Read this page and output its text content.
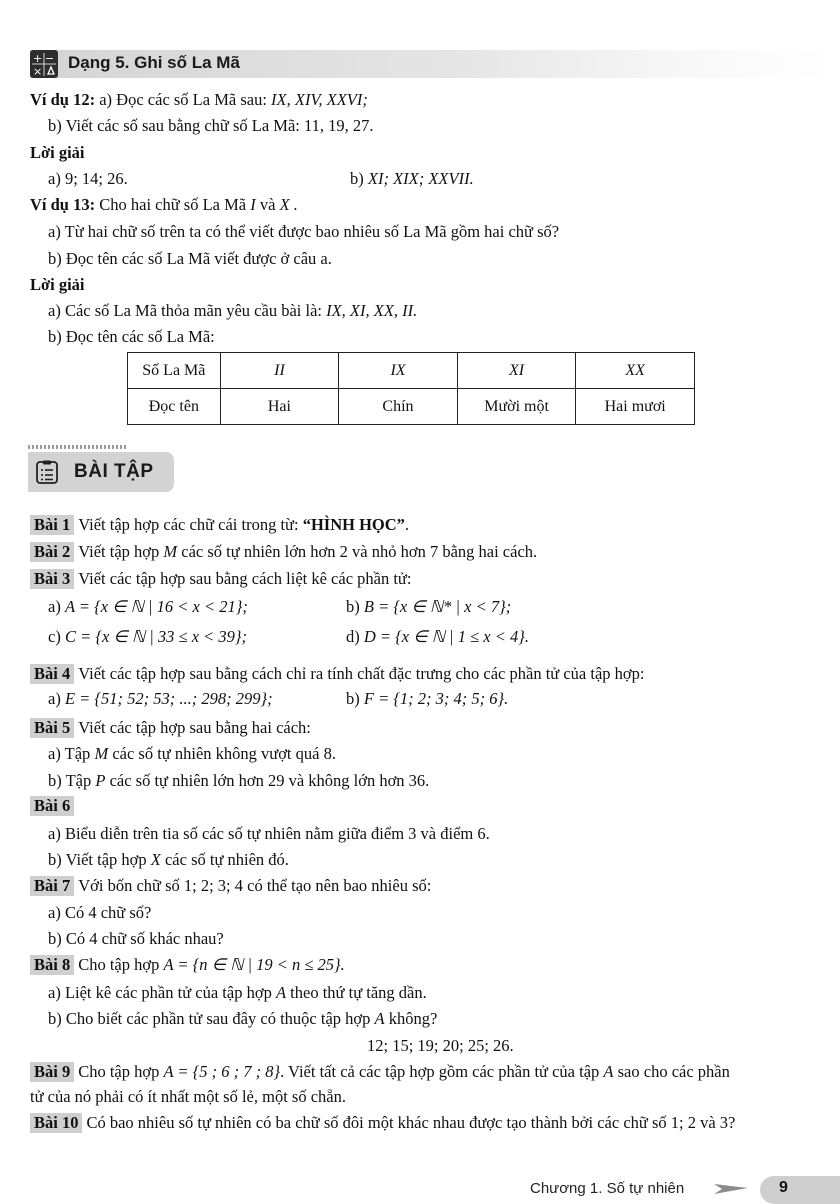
+ −
× Dạng 5. Ghi số La Mã
Ví dụ 12: a) Đọc các số La Mã sau: IX, XIV, XXVI;
b) Viết các số sau bằng chữ số La Mã: 11, 19, 27.
Lời giải
a) 9; 14; 26.	b) XI; XIX; XXVII.
Ví dụ 13: Cho hai chữ số La Mã I và X .
a) Từ hai chữ số trên ta có thể viết được bao nhiêu số La Mã gồm hai chữ số?
b) Đọc tên các số La Mã viết được ở câu a.
Lời giải
a) Các số La Mã thỏa mãn yêu cầu bài là: IX, XI, XX, II.
b) Đọc tên các số La Mã:
Số La Mã	II	IX	XI	XX
Đọc tên	Hai	Chín	Mười một	Hai mươi
BÀI TẬP
Bài 1 Viết tập hợp các chữ cái trong từ: “HÌNH HỌC”.
Bài 2 Viết tập hợp M các số tự nhiên lớn hơn 2 và nhỏ hơn 7 bằng hai cách.
Bài 3 Viết các tập hợp sau bằng cách liệt kê các phần tử:
a) A = {x ∈ ℕ | 16 < x < 21};	b) B = {x ∈ ℕ* | x < 7};
c) C = {x ∈ ℕ | 33 ≤ x < 39};	d) D = {x ∈ ℕ | 1 ≤ x < 4}.
Bài 4 Viết các tập hợp sau bằng cách chỉ ra tính chất đặc trưng cho các phần tử của tập hợp:
a) E = {51; 52; 53; ...; 298; 299};	b) F = {1; 2; 3; 4; 5; 6}.
Bài 5 Viết các tập hợp sau bằng hai cách:
a) Tập M các số tự nhiên không vượt quá 8.
b) Tập P các số tự nhiên lớn hơn 29 và không lớn hơn 36.
Bài 6
a) Biểu diễn trên tia số các số tự nhiên nằm giữa điểm 3 và điểm 6.
b) Viết tập hợp X các số tự nhiên đó.
Bài 7 Với bốn chữ số 1; 2; 3; 4 có thể tạo nên bao nhiêu số:
a) Có 4 chữ số?
b) Có 4 chữ số khác nhau?
Bài 8 Cho tập hợp A = {n ∈ ℕ | 19 < n ≤ 25}.
a) Liệt kê các phần tử của tập hợp A theo thứ tự tăng dần.
b) Cho biết các phần tử sau đây có thuộc tập hợp A không?
12; 15; 19; 20; 25; 26.
Bài 9 Cho tập hợp A = {5 ; 6 ; 7 ; 8}. Viết tất cả các tập hợp gồm các phần tử của tập A sao cho các phần
tử của nó phải có ít nhất một số lẻ, một số chẵn.
Bài 10 Có bao nhiêu số tự nhiên có ba chữ số đôi một khác nhau được tạo thành bởi các chữ số 1; 2 và 3?
Chương 1. Số tự nhiên	9
